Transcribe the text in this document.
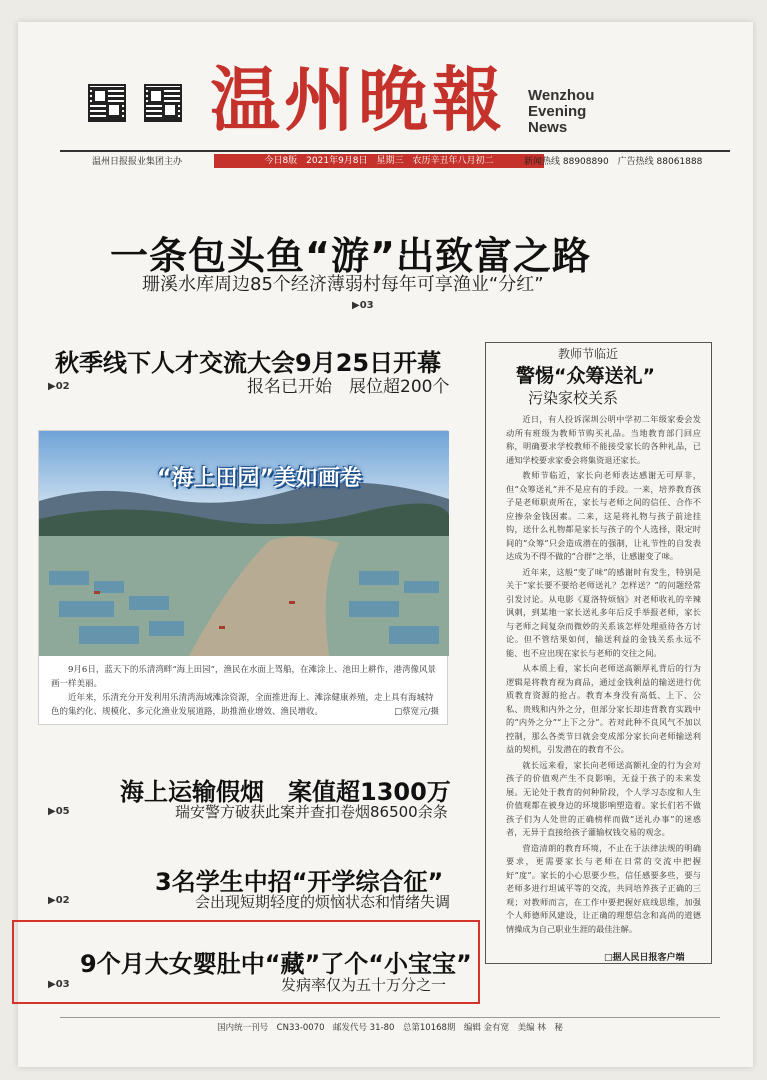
温州晚報 Wenzhou
Evening
News
温州日报报业集团主办	今日8版　2021年9月8日　星期三　农历辛丑年八月初二	新闻热线 88908890　广告热线 88061888
一条包头鱼“游”出致富之路
珊溪水库周边85个经济薄弱村每年可享渔业“分红”
▶03
秋季线下人才交流大会9月25日开幕
报名已开始　展位超200个
▶02
“海上田园”美如画卷

9月6日，蓝天下的乐清湾畔“海上田园”，渔民在水面上驾船，在滩涂上、池田上耕作，港湾像风景画一样美丽。

近年来，乐清充分开发利用乐清湾海域滩涂资源，全面推进海上、滩涂健康养殖，走上具有海城特色的集约化、规模化、多元化渔业发展道路，助推渔业增效、渔民增收。	□蔡宽元/摄

海上运输假烟　案值超1300万
瑞安警方破获此案并查扣卷烟86500余条
▶05
3名学生中招“开学综合征”
会出现短期轻度的烦恼状态和情绪失调
▶02
9个月大女婴肚中“藏”了个“小宝宝”
发病率仅为五十万分之一
▶03
教师节临近
警惕“众筹送礼”
污染家校关系

近日，有人投诉深圳公明中学初二年级家委会发动所有班级为教师节购买礼品。当地教育部门回应称，明确要求学校教师不能接受家长的各种礼品，已通知学校要求家委会将集资退还家长。

教师节临近，家长向老师表达感谢无可厚非，但“众筹送礼”并不是应有的手段。一来，培养教育孩子是老师职责所在，家长与老师之间的信任、合作不应掺杂金钱因素。二来，这是将礼物与孩子前途挂钩，送什么礼物都是家长与孩子的个人选择，限定时间的“众筹”只会造成潜在的强制，让礼节性的自发表达成为不得不做的“合群”之举，让感谢变了味。

近年来，这般“变了味”的感谢时有发生，特别是关于“家长要不要给老师送礼？怎样送？”的问题经常引发讨论。从电影《夏洛特烦恼》对老师收礼的辛辣讽刺，到某地一家长送礼多年后反手举报老师，家长与老师之间复杂而微妙的关系该怎样处理亟待各方讨论。但不管结果如何，输送利益的金钱关系永远不能、也不应出现在家长与老师的交往之间。

从本质上看，家长向老师送高额厚礼背后的行为逻辑是将教育视为商品，通过金钱利益的输送进行优质教育资源的抢占。教育本身没有高低、上下、公私、贵贱和内外之分，但部分家长却违背教育实践中的“内外之分”“上下之分”。若对此种不良风气不加以控制，那么各类节日就会变成部分家长向老师输送利益的契机，引发潜在的教育不公。

就长远来看，家长向老师送高额礼金的行为会对孩子的价值观产生不良影响，无益于孩子的未来发展。无论处于教育的何种阶段，个人学习态度和人生价值观都在被身边的环境影响塑造着。家长们若不做孩子们为人处世的正确榜样而做“送礼办事”的迷惑者，无异于直接给孩子灌输权钱交易的观念。

营造清朗的教育环境，不止在于法律法规的明确要求，更需要家长与老师在日常的交流中把握好“度”。家长的小心思要少些，信任感要多些，要与老师多进行坦诚平等的交流，共同培养孩子正确的三观；对教师而言，在工作中要把握好底线思维，加强个人师德师风建设，让正确的理想信念和高尚的道德情操成为自己职业生涯的最佳注解。

□据人民日报客户端
国内统一刊号　CN33-0070　邮发代号 31-80　总第10168期　编辑 金有宽　美编 林　秘
